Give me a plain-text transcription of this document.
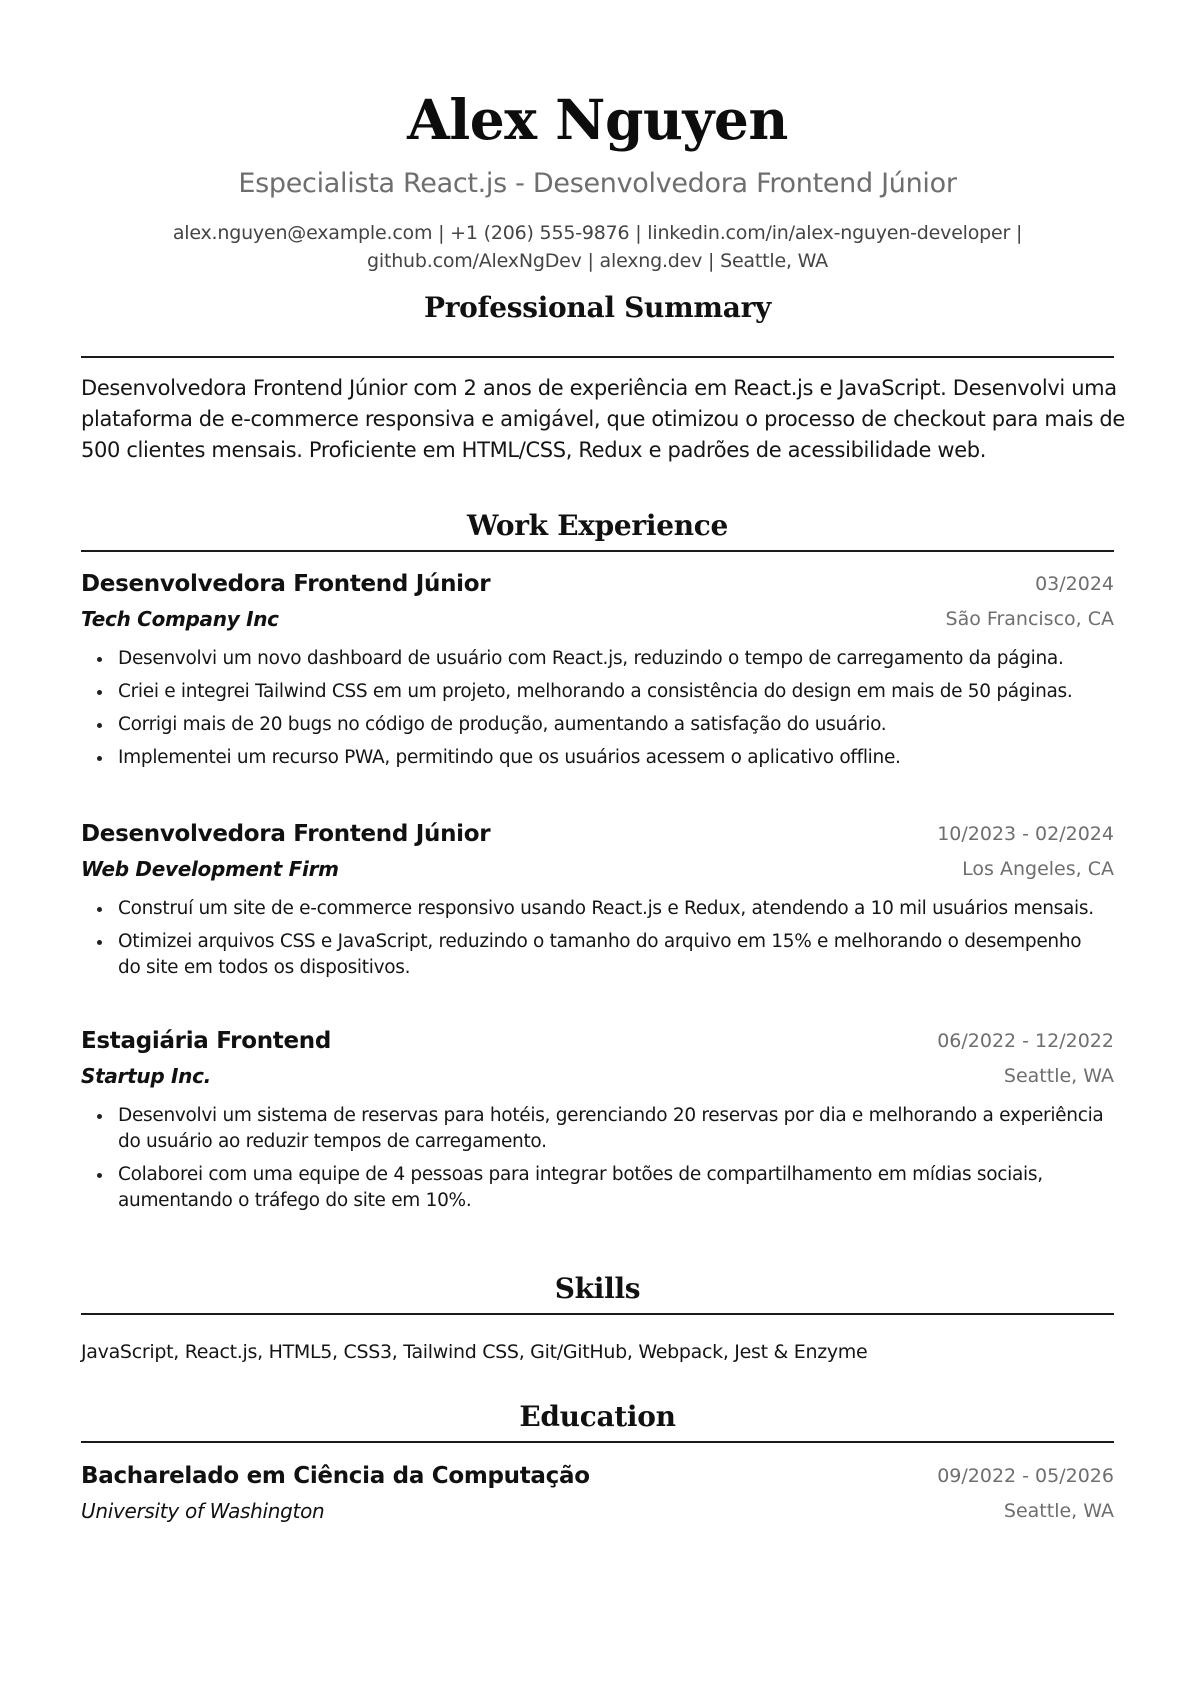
Alex Nguyen
Especialista React.js - Desenvolvedora Frontend Júnior
alex.nguyen@example.com | +1 (206) 555-9876 | linkedin.com/in/alex-nguyen-developer |
github.com/AlexNgDev | alexng.dev | Seattle, WA
Professional Summary
Desenvolvedora Frontend Júnior com 2 anos de experiência em React.js e JavaScript. Desenvolvi uma
plataforma de e-commerce responsiva e amigável, que otimizou o processo de checkout para mais de
500 clientes mensais. Proficiente em HTML/CSS, Redux e padrões de acessibilidade web.
Work Experience
Desenvolvedora Frontend Júnior	03/2024
Tech Company Inc	São Francisco, CA
Desenvolvi um novo dashboard de usuário com React.js, reduzindo o tempo de carregamento da página.
Criei e integrei Tailwind CSS em um projeto, melhorando a consistência do design em mais de 50 páginas.
Corrigi mais de 20 bugs no código de produção, aumentando a satisfação do usuário.
Implementei um recurso PWA, permitindo que os usuários acessem o aplicativo offline.
Desenvolvedora Frontend Júnior	10/2023 - 02/2024
Web Development Firm	Los Angeles, CA
Construí um site de e-commerce responsivo usando React.js e Redux, atendendo a 10 mil usuários mensais.
Otimizei arquivos CSS e JavaScript, reduzindo o tamanho do arquivo em 15% e melhorando o desempenho
do site em todos os dispositivos.
Estagiária Frontend	06/2022 - 12/2022
Startup Inc.	Seattle, WA
Desenvolvi um sistema de reservas para hotéis, gerenciando 20 reservas por dia e melhorando a experiência
do usuário ao reduzir tempos de carregamento.
Colaborei com uma equipe de 4 pessoas para integrar botões de compartilhamento em mídias sociais,
aumentando o tráfego do site em 10%.
Skills
JavaScript, React.js, HTML5, CSS3, Tailwind CSS, Git/GitHub, Webpack, Jest & Enzyme
Education
Bacharelado em Ciência da Computação	09/2022 - 05/2026
University of Washington	Seattle, WA
